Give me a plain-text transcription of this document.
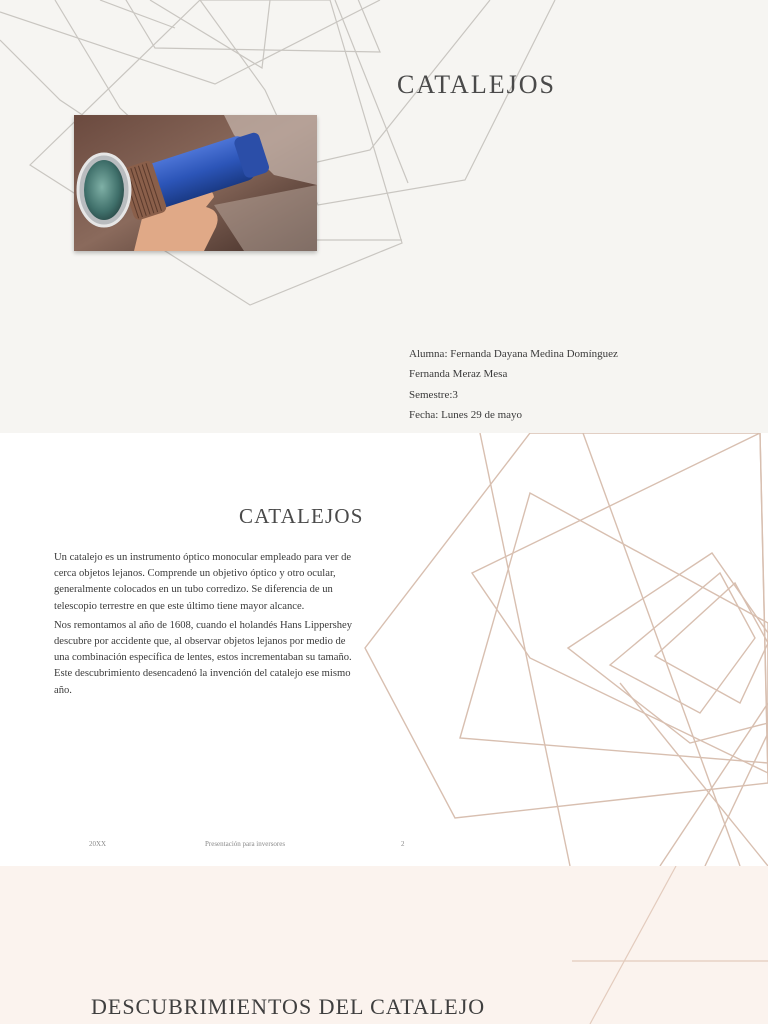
CATALEJOS
Alumna: Fernanda Dayana Medina Domínguez
Fernanda Meraz Mesa
Semestre:3
Fecha: Lunes 29 de mayo
CATALEJOS

Un catalejo es un instrumento óptico monocular empleado para ver de cerca objetos lejanos. Comprende un objetivo óptico y otro ocular, generalmente colocados en un tubo corredizo. Se diferencia de un telescopio terrestre en que este último tiene mayor alcance.

Nos remontamos al año de 1608, cuando el holandés Hans Lippershey descubre por accidente que, al observar objetos lejanos por medio de una combinación específica de lentes, estos incrementaban su tamaño. Este descubrimiento desencadenó la invención del catalejo ese mismo año.

20XX	Presentación para inversores	2
DESCUBRIMIENTOS DEL CATALEJO
